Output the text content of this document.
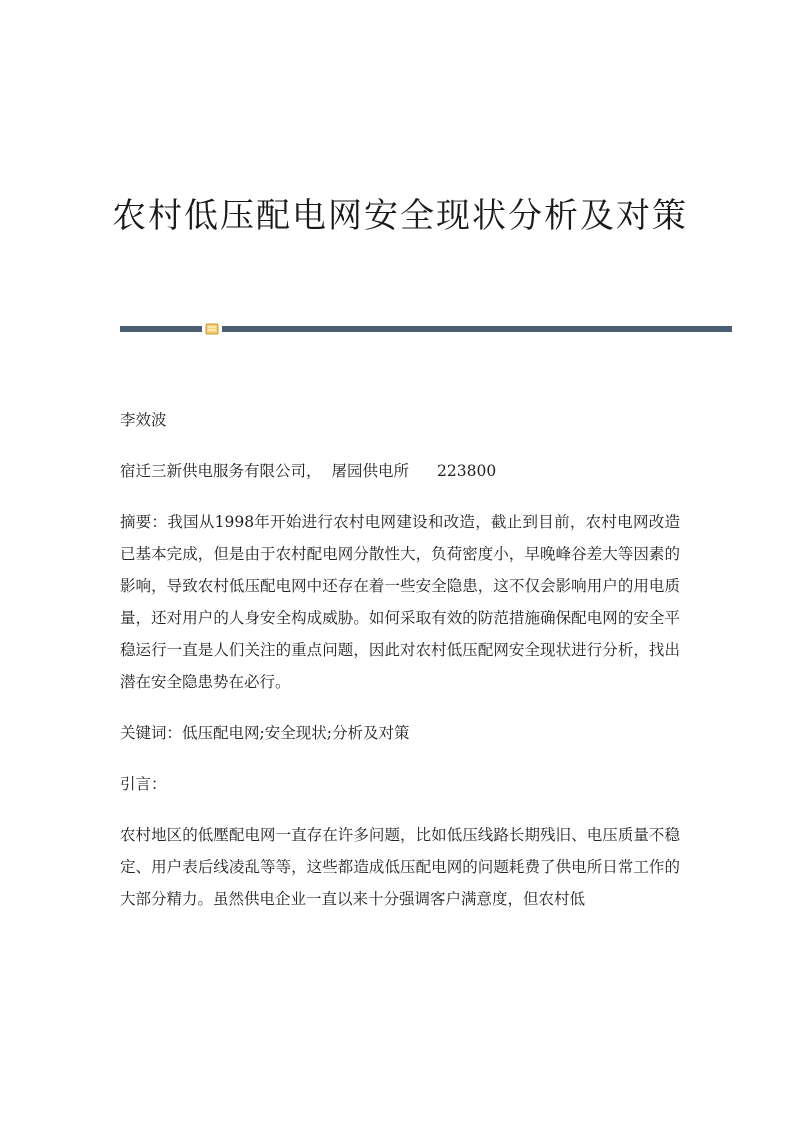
农村低压配电网安全现状分析及对策

李效波

宿迁三新供电服务有限公司， 屠园供电所 223800

摘要：我国从1998年开始进行农村电网建设和改造，截止到目前，农村电网改造已基本完成，但是由于农村配电网分散性大，负荷密度小，早晚峰谷差大等因素的影响，导致农村低压配电网中还存在着一些安全隐患，这不仅会影响用户的用电质量，还对用户的人身安全构成威胁。如何采取有效的防范措施确保配电网的安全平稳运行一直是人们关注的重点问题，因此对农村低压配网安全现状进行分析，找出潜在安全隐患势在必行。

关键词：低压配电网;安全现状;分析及对策

引言：

农村地区的低壓配电网一直存在许多问题，比如低压线路长期残旧、电压质量不稳定、用户表后线凌乱等等，这些都造成低压配电网的问题耗费了供电所日常工作的大部分精力。虽然供电企业一直以来十分强调客户满意度，但农村低
